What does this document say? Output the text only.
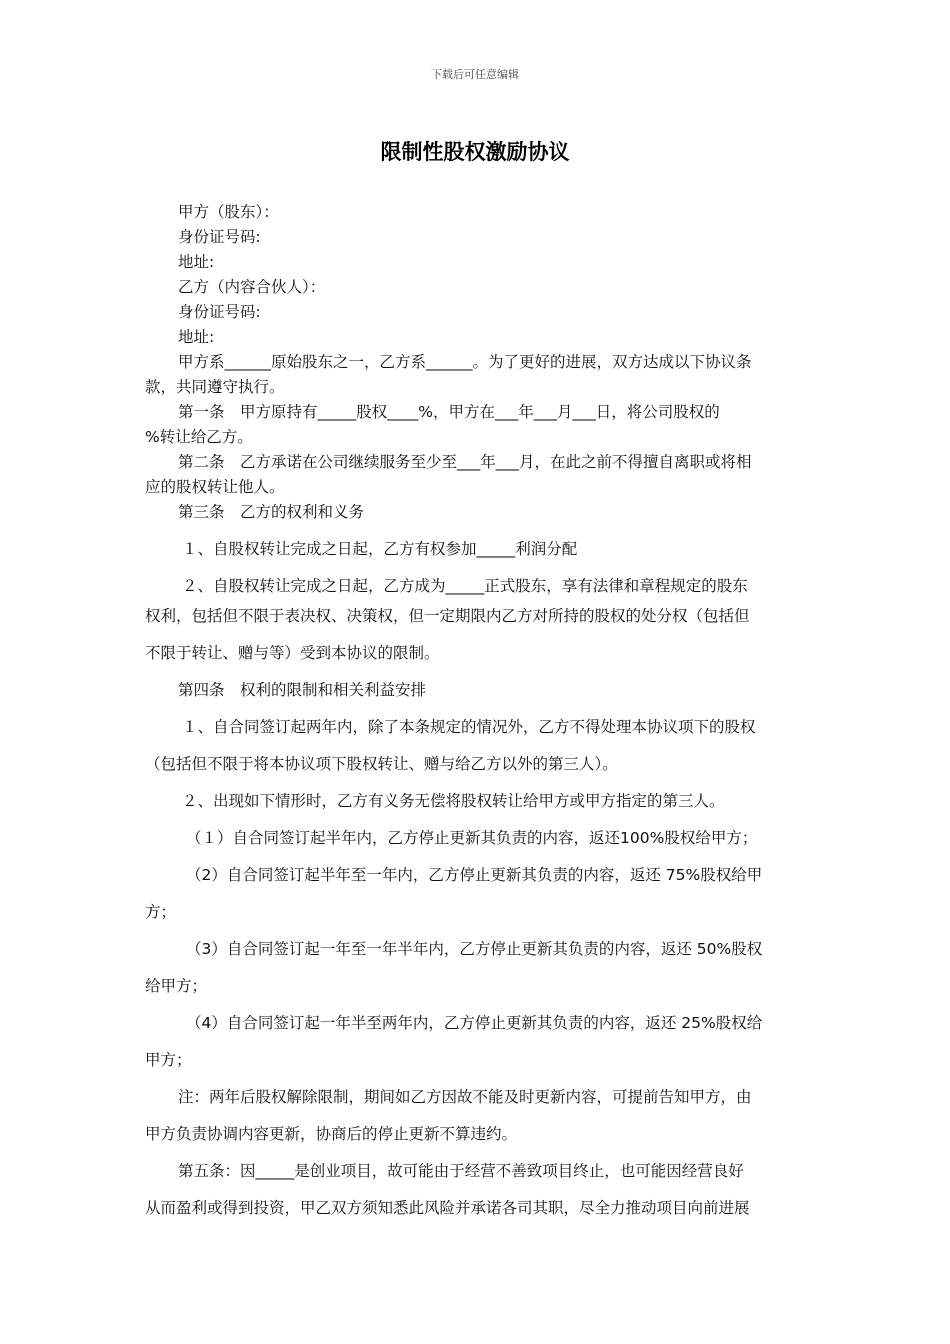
下载后可任意编辑
限制性股权激励协议
甲方（股东）：
身份证号码:
地址:
乙方（内容合伙人）：
身份证号码:
地址:
甲方系______原始股东之一，乙方系______。为了更好的进展，双方达成以下协议条
款，共同遵守执行。
第一条　甲方原持有_____股权____%，甲方在___年___月___日，将公司股权的
%转让给乙方。
第二条　乙方承诺在公司继续服务至少至___年___月，在此之前不得擅自离职或将相
应的股权转让他人。
第三条　乙方的权利和义务
１、自股权转让完成之日起，乙方有权参加_____利润分配
２、自股权转让完成之日起，乙方成为_____正式股东，享有法律和章程规定的股东
权利，包括但不限于表决权、决策权，但一定期限内乙方对所持的股权的处分权（包括但
不限于转让、赠与等）受到本协议的限制。
第四条　权利的限制和相关利益安排
１、自合同签订起两年内，除了本条规定的情况外，乙方不得处理本协议项下的股权
（包括但不限于将本协议项下股权转让、赠与给乙方以外的第三人）。
２、出现如下情形时，乙方有义务无偿将股权转让给甲方或甲方指定的第三人。
（１）自合同签订起半年内，乙方停止更新其负责的内容，返还100%股权给甲方；
（2）自合同签订起半年至一年内，乙方停止更新其负责的内容，返还 75%股权给甲
方；
（3）自合同签订起一年至一年半年内，乙方停止更新其负责的内容，返还 50%股权
给甲方；
（4）自合同签订起一年半至两年内，乙方停止更新其负责的内容，返还 25%股权给
甲方；
注：两年后股权解除限制，期间如乙方因故不能及时更新内容，可提前告知甲方，由
甲方负责协调内容更新，协商后的停止更新不算违约。
第五条：因_____是创业项目，故可能由于经营不善致项目终止，也可能因经营良好
从而盈利或得到投资，甲乙双方须知悉此风险并承诺各司其职，尽全力推动项目向前进展
